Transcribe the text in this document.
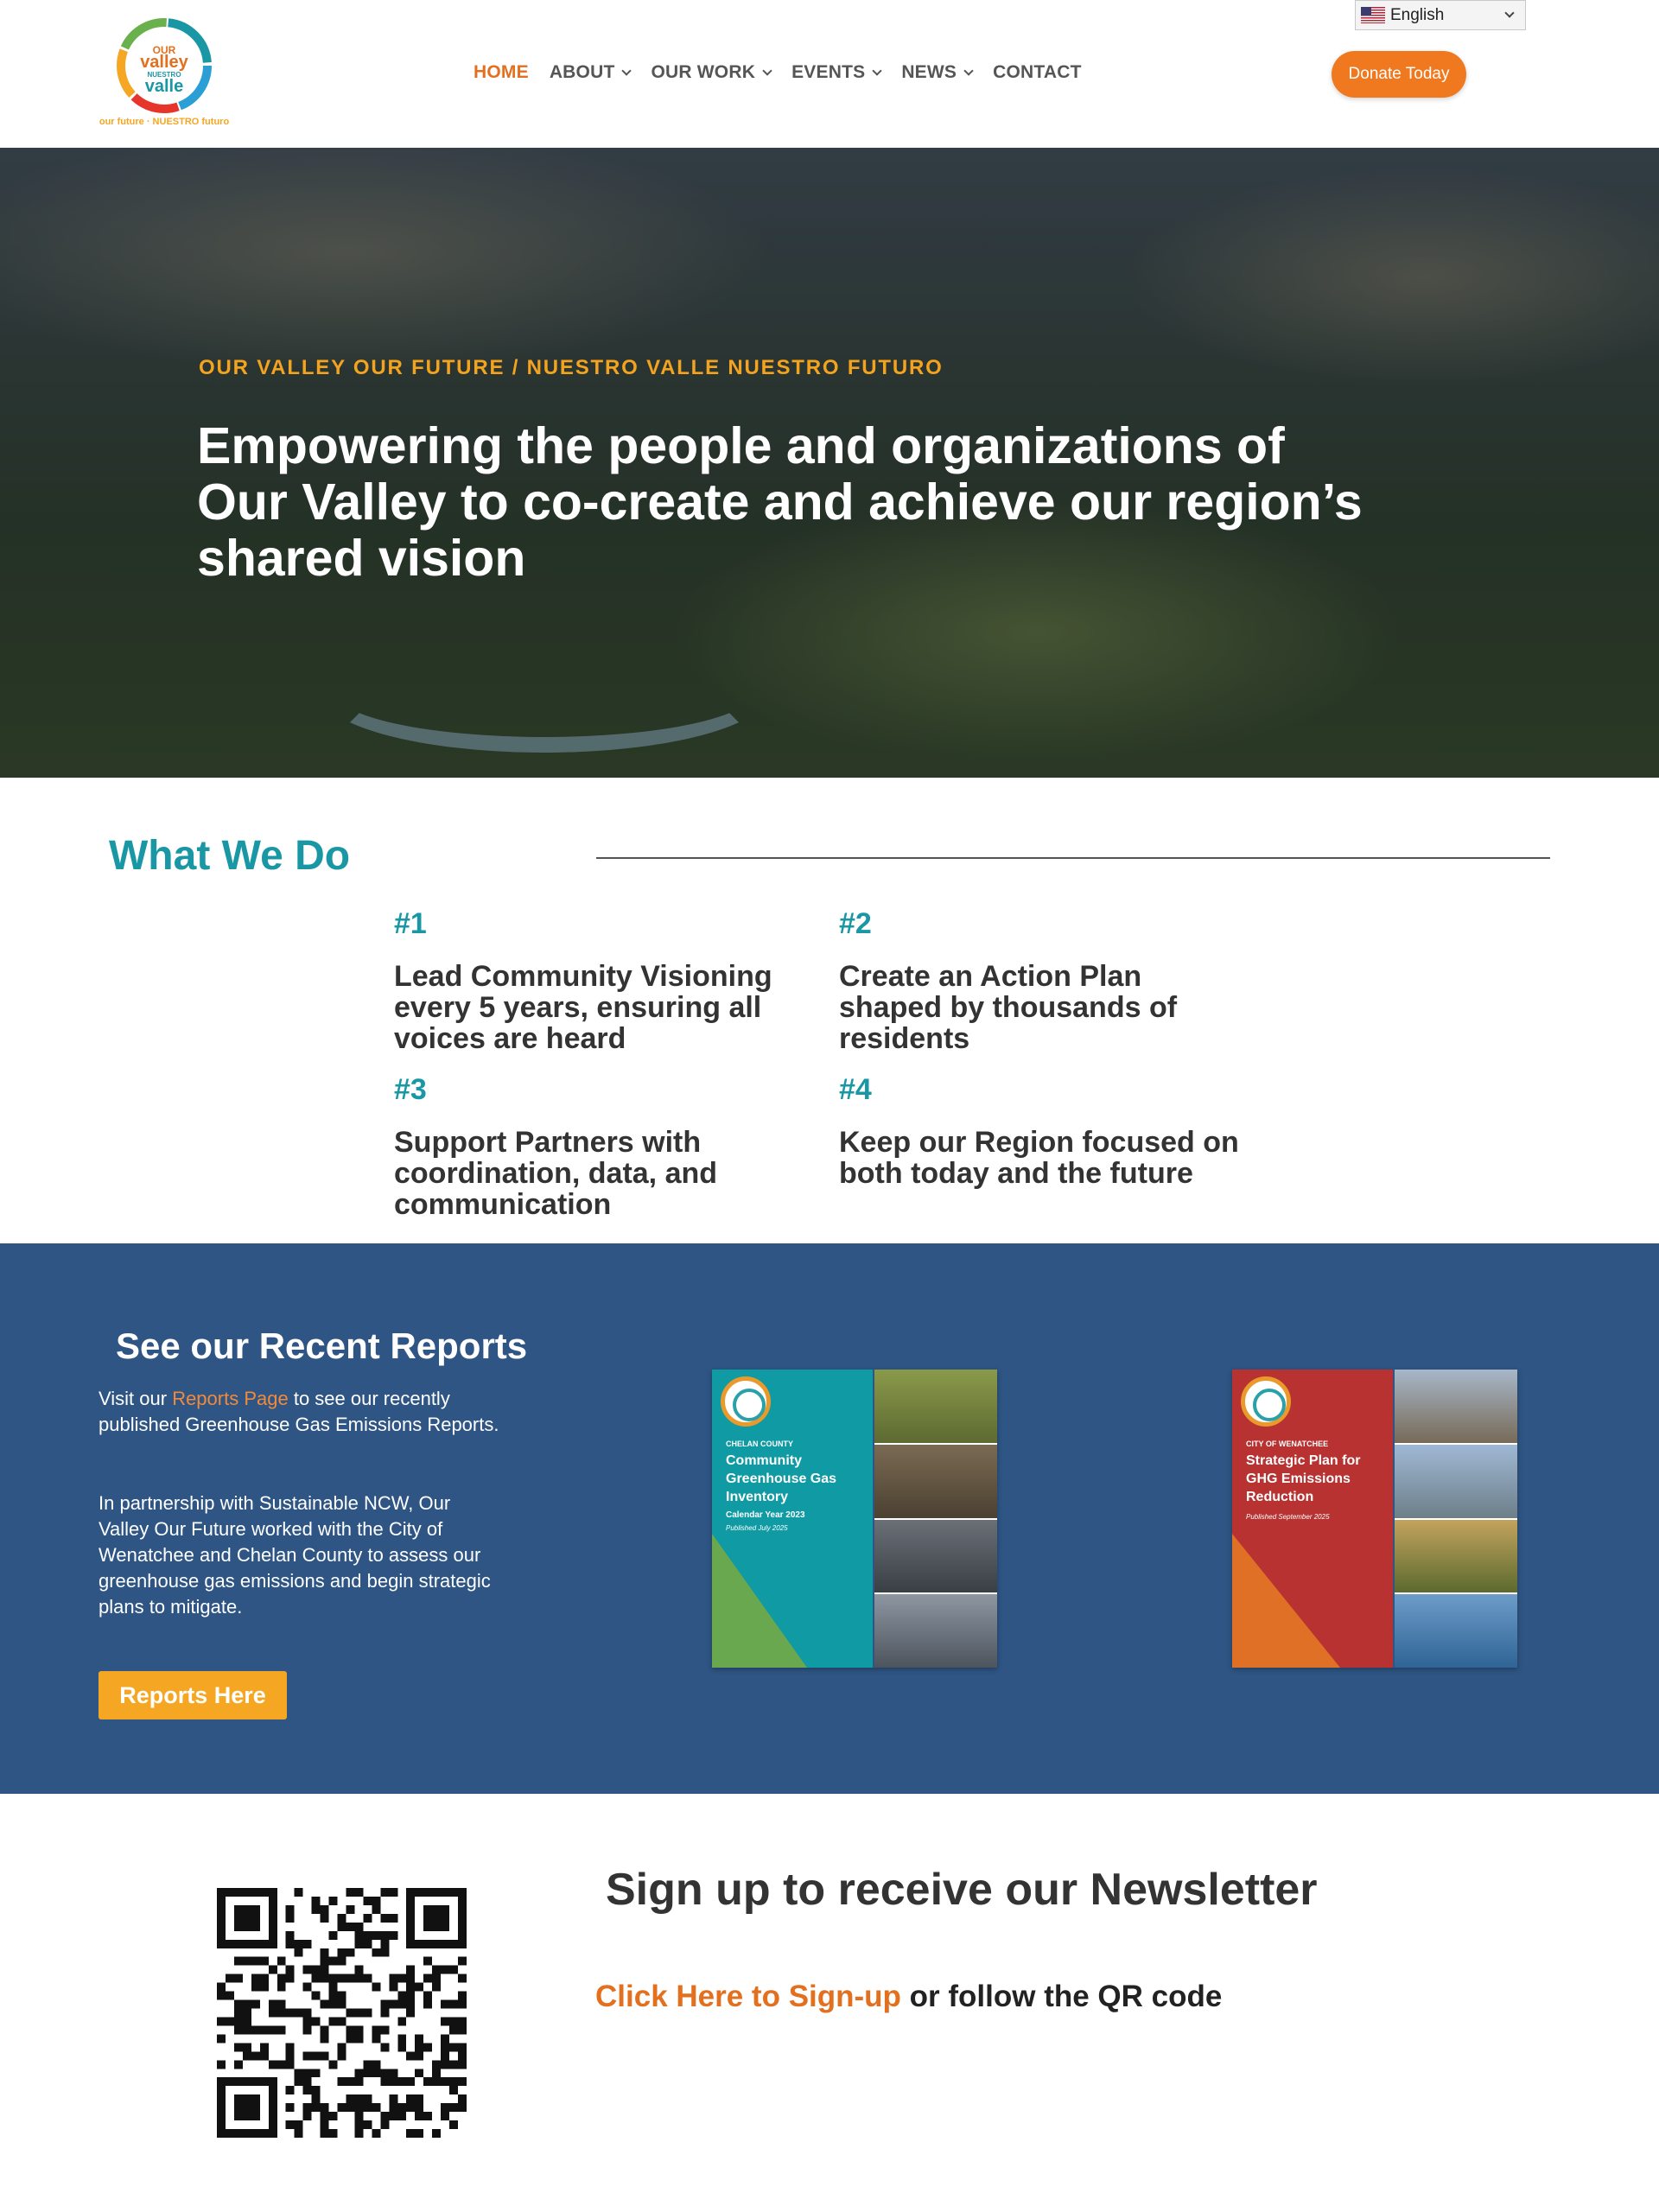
OUR
valley
NUESTRO
valle
our future · NUESTRO futuro
HOME ABOUT OUR WORK EVENTS NEWS CONTACT
English
Donate Today
OUR VALLEY OUR FUTURE / NUESTRO VALLE NUESTRO FUTURO
Empowering the people and organizations of Our Valley to co-create and achieve our region’s shared vision
What We Do
#1
Lead Community Visioning every 5 years, ensuring all voices are heard
#2
Create an Action Plan shaped by thousands of residents
#3
Support Partners with coordination, data, and communication
#4
Keep our Region focused on both today and the future
See our Recent Reports

Visit our Reports Page to see our recently published Greenhouse Gas Emissions Reports.

In partnership with Sustainable NCW, Our Valley Our Future worked with the City of Wenatchee and Chelan County to assess our greenhouse gas emissions and begin strategic plans to mitigate.

Reports Here
CHELAN COUNTY
Community Greenhouse Gas Inventory
Calendar Year 2023
Published July 2025
CITY OF WENATCHEE
Strategic Plan for GHG Emissions Reduction
Published September 2025
Sign up to receive our Newsletter

Click Here to Sign-up or follow the QR code
